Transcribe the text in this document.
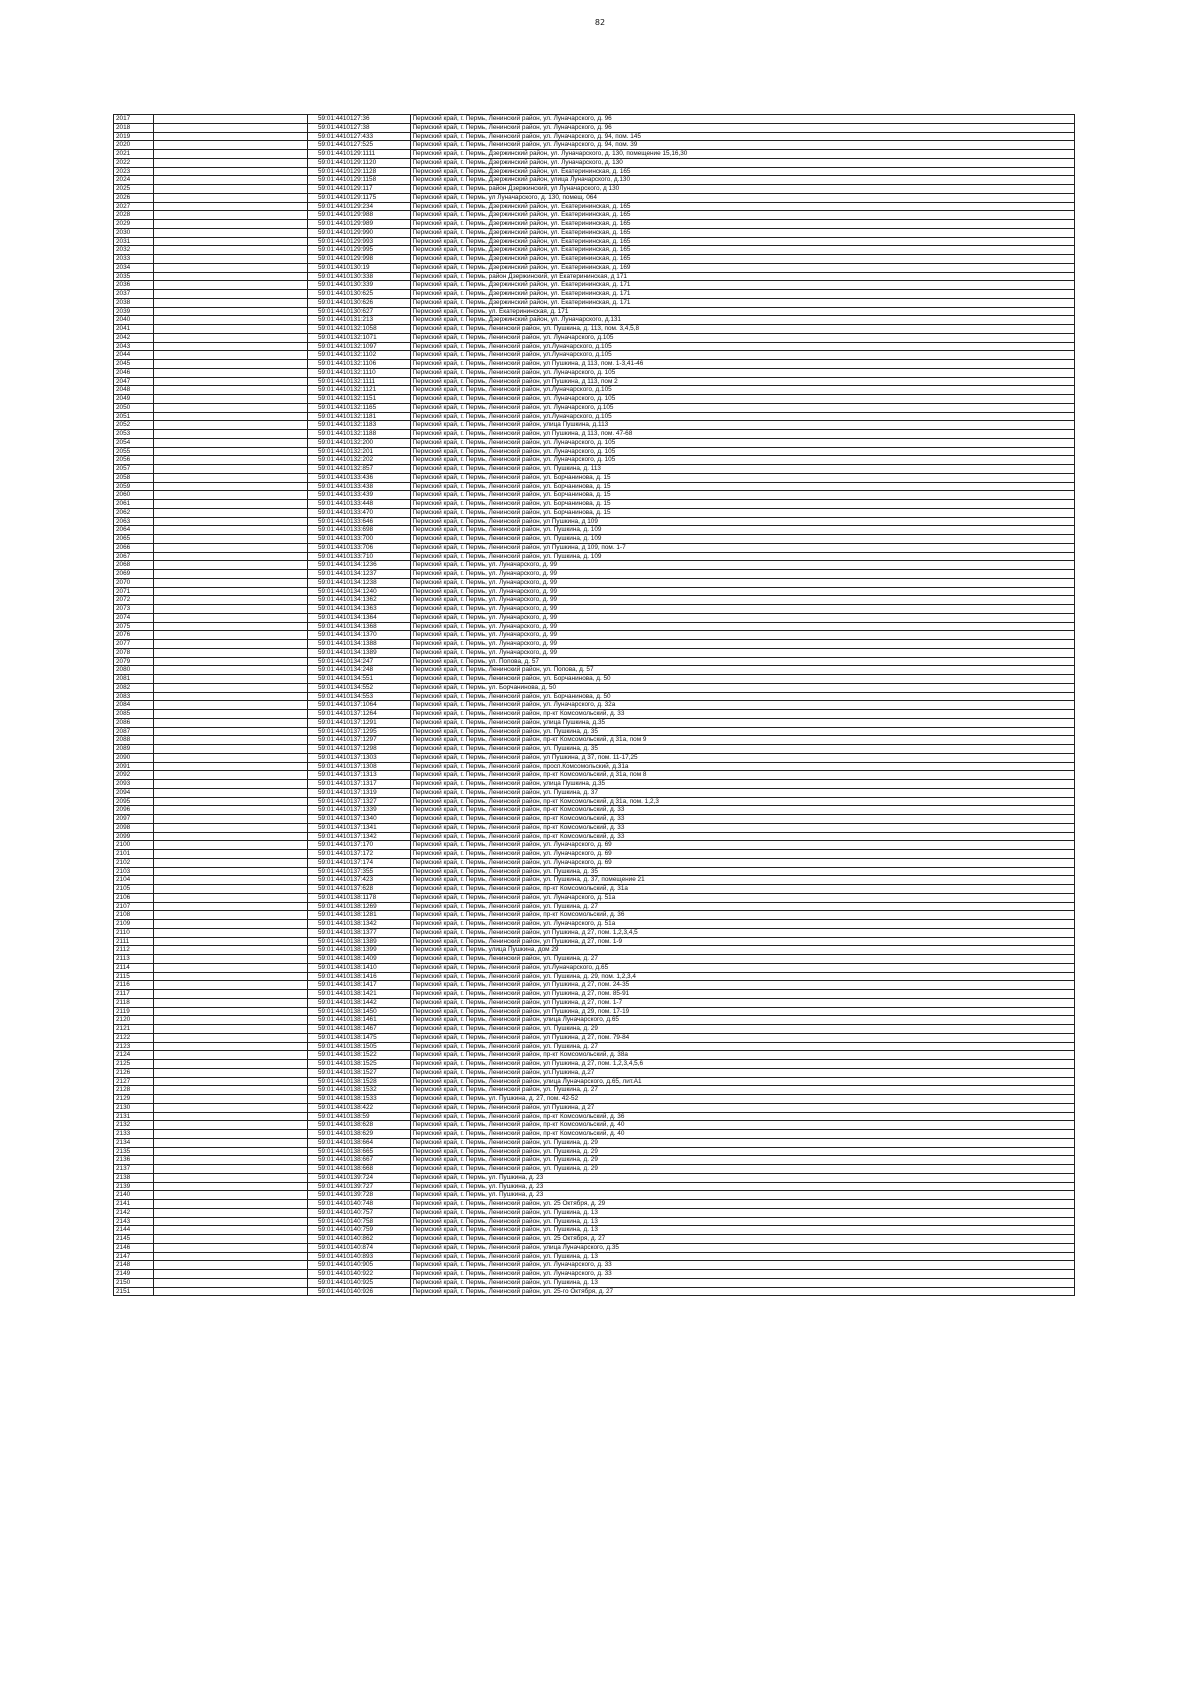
82
2017		59:01:4410127:36	Пермский край, г. Пермь, Ленинский район, ул. Луначарского, д. 96
2018		59:01:4410127:38	Пермский край, г. Пермь, Ленинский район, ул. Луначарского, д. 96
2019		59:01:4410127:433	Пермский край, г. Пермь, Ленинский район, ул. Луначарского, д. 94, пом. 145
2020		59:01:4410127:525	Пермский край, г. Пермь, Ленинский район, ул. Луначарского, д. 94, пом. 39
2021		59:01:4410129:1111	Пермский край, г. Пермь, Дзержинский район, ул. Луначарского, д. 130, помещение 15,16,30
2022		59:01:4410129:1120	Пермский край, г. Пермь, Дзержинский район, ул. Луначарского, д. 130
2023		59:01:4410129:1128	Пермский край, г. Пермь, Дзержинский район, ул. Екатерининская, д. 165
2024		59:01:4410129:1158	Пермский край, г. Пермь, Дзержинский район, улица Луначарского, д.130
2025		59:01:4410129:117	Пермский край, г. Пермь, район Дзержинский, ул Луначарского, д 130
2026		59:01:4410129:1175	Пермский край, г. Пермь, ул Луначарского, д. 130, помещ. 064
2027		59:01:4410129:234	Пермский край, г. Пермь, Дзержинский район, ул. Екатерининская, д. 165
2028		59:01:4410129:988	Пермский край, г. Пермь, Дзержинский район, ул. Екатерининская, д. 165
2029		59:01:4410129:989	Пермский край, г. Пермь, Дзержинский район, ул. Екатерининская, д. 165
2030		59:01:4410129:990	Пермский край, г. Пермь, Дзержинский район, ул. Екатерининская, д. 165
2031		59:01:4410129:993	Пермский край, г. Пермь, Дзержинский район, ул. Екатерининская, д. 165
2032		59:01:4410129:995	Пермский край, г. Пермь, Дзержинский район, ул. Екатерининская, д. 165
2033		59:01:4410129:998	Пермский край, г. Пермь, Дзержинский район, ул. Екатерининская, д. 165
2034		59:01:4410130:19	Пермский край, г. Пермь, Дзержинский район, ул. Екатерининская, д. 169
2035		59:01:4410130:338	Пермский край, г. Пермь, район Дзержинский, ул Екатерининская, д 171
2036		59:01:4410130:339	Пермский край, г. Пермь, Дзержинский район, ул. Екатерининская, д. 171
2037		59:01:4410130:625	Пермский край, г. Пермь, Дзержинский район, ул. Екатерининская, д. 171
2038		59:01:4410130:626	Пермский край, г. Пермь, Дзержинский район, ул. Екатерининская, д. 171
2039		59:01:4410130:627	Пермский край, г. Пермь, ул. Екатерининская, д. 171
2040		59:01:4410131:213	Пермский край, г. Пермь, Дзержинский район, ул. Луначарского, д.131
2041		59:01:4410132:1058	Пермский край, г. Пермь, Ленинский район, ул. Пушкина, д. 113, пом. 3,4,5,8
2042		59:01:4410132:1071	Пермский край, г. Пермь, Ленинский район, ул. Луначарского, д.105
2043		59:01:4410132:1097	Пермский край, г. Пермь, Ленинский район, ул.Луначарского, д.105
2044		59:01:4410132:1102	Пермский край, г. Пермь, Ленинский район, ул.Луначарского, д.105
2045		59:01:4410132:1106	Пермский край, г. Пермь, Ленинский район, ул Пушкина, д 113, пом. 1-3,41-46
2046		59:01:4410132:1110	Пермский край, г. Пермь, Ленинский район, ул. Луначарского, д. 105
2047		59:01:4410132:1111	Пермский край, г. Пермь, Ленинский район, ул Пушкина, д 113, пом 2
2048		59:01:4410132:1121	Пермский край, г. Пермь, Ленинский район, ул.Луначарского, д.105
2049		59:01:4410132:1151	Пермский край, г. Пермь, Ленинский район, ул. Луначарского, д. 105
2050		59:01:4410132:1165	Пермский край, г. Пермь, Ленинский район, ул. Луначарского, д.105
2051		59:01:4410132:1181	Пермский край, г. Пермь, Ленинский район, ул.Луначарского, д.105
2052		59:01:4410132:1183	Пермский край, г. Пермь, Ленинский район, улица Пушкина, д.113
2053		59:01:4410132:1188	Пермский край, г. Пермь, Ленинский район, ул Пушкина, д 113, пом. 47-68
2054		59:01:4410132:200	Пермский край, г. Пермь, Ленинский район, ул. Луначарского, д. 105
2055		59:01:4410132:201	Пермский край, г. Пермь, Ленинский район, ул. Луначарского, д. 105
2056		59:01:4410132:202	Пермский край, г. Пермь, Ленинский район, ул. Луначарского, д. 105
2057		59:01:4410132:857	Пермский край, г. Пермь, Ленинский район, ул. Пушкина, д. 113
2058		59:01:4410133:436	Пермский край, г. Пермь, Ленинский район, ул. Борчанинова, д. 15
2059		59:01:4410133:438	Пермский край, г. Пермь, Ленинский район, ул. Борчанинова, д. 15
2060		59:01:4410133:439	Пермский край, г. Пермь, Ленинский район, ул. Борчанинова, д. 15
2061		59:01:4410133:448	Пермский край, г. Пермь, Ленинский район, ул. Борчанинова, д. 15
2062		59:01:4410133:470	Пермский край, г. Пермь, Ленинский район, ул. Борчанинова, д. 15
2063		59:01:4410133:646	Пермский край, г. Пермь, Ленинский район, ул Пушкина, д 109
2064		59:01:4410133:698	Пермский край, г. Пермь, Ленинский район, ул. Пушкина, д. 109
2065		59:01:4410133:700	Пермский край, г. Пермь, Ленинский район, ул. Пушкина, д. 109
2066		59:01:4410133:706	Пермский край, г. Пермь, Ленинский район, ул Пушкина, д 109, пом. 1-7
2067		59:01:4410133:710	Пермский край, г. Пермь, Ленинский район, ул. Пушкина, д. 109
2068		59:01:4410134:1236	Пермский край, г. Пермь, ул. Луначарского, д. 99
2069		59:01:4410134:1237	Пермский край, г. Пермь, ул. Луначарского, д. 99
2070		59:01:4410134:1238	Пермский край, г. Пермь, ул. Луначарского, д. 99
2071		59:01:4410134:1240	Пермский край, г. Пермь, ул. Луначарского, д. 99
2072		59:01:4410134:1362	Пермский край, г. Пермь, ул. Луначарского, д. 99
2073		59:01:4410134:1363	Пермский край, г. Пермь, ул. Луначарского, д. 99
2074		59:01:4410134:1364	Пермский край, г. Пермь, ул. Луначарского, д. 99
2075		59:01:4410134:1368	Пермский край, г. Пермь, ул. Луначарского, д. 99
2076		59:01:4410134:1370	Пермский край, г. Пермь, ул. Луначарского, д. 99
2077		59:01:4410134:1388	Пермский край, г. Пермь, ул. Луначарского, д. 99
2078		59:01:4410134:1389	Пермский край, г. Пермь, ул. Луначарского, д. 99
2079		59:01:4410134:247	Пермский край, г. Пермь, ул. Попова, д. 57
2080		59:01:4410134:248	Пермский край, г. Пермь, Ленинский район, ул. Попова, д. 57
2081		59:01:4410134:551	Пермский край, г. Пермь, Ленинский район, ул. Борчанинова, д. 50
2082		59:01:4410134:552	Пермский край, г. Пермь, ул. Борчанинова, д. 50
2083		59:01:4410134:553	Пермский край, г. Пермь, Ленинский район, ул. Борчанинова, д. 50
2084		59:01:4410137:1064	Пермский край, г. Пермь, Ленинский район, ул. Луначарского, д. 32а
2085		59:01:4410137:1264	Пермский край, г. Пермь, Ленинский район, пр-кт Комсомольский, д. 33
2086		59:01:4410137:1291	Пермский край, г. Пермь, Ленинский район, улица Пушкина, д.35
2087		59:01:4410137:1295	Пермский край, г. Пермь, Ленинский район, ул. Пушкина, д. 35
2088		59:01:4410137:1297	Пермский край, г. Пермь, Ленинский район, пр-кт Комсомольский, д 31а, пом 9
2089		59:01:4410137:1298	Пермский край, г. Пермь, Ленинский район, ул. Пушкина, д. 35
2090		59:01:4410137:1303	Пермский край, г. Пермь, Ленинский район, ул Пушкина, д 37, пом. 11-17,25
2091		59:01:4410137:1308	Пермский край, г. Пермь, Ленинский район, просп.Комсомольский, д.31а
2092		59:01:4410137:1313	Пермский край, г. Пермь, Ленинский район, пр-кт Комсомольский, д 31а, пом 8
2093		59:01:4410137:1317	Пермский край, г. Пермь, Ленинский район, улица Пушкина, д.35
2094		59:01:4410137:1319	Пермский край, г. Пермь, Ленинский район, ул. Пушкина, д. 37
2095		59:01:4410137:1327	Пермский край, г. Пермь, Ленинский район, пр-кт Комсомольский, д 31а, пом. 1,2,3
2096		59:01:4410137:1339	Пермский край, г. Пермь, Ленинский район, пр-кт Комсомольский, д. 33
2097		59:01:4410137:1340	Пермский край, г. Пермь, Ленинский район, пр-кт Комсомольский, д. 33
2098		59:01:4410137:1341	Пермский край, г. Пермь, Ленинский район, пр-кт Комсомольский, д. 33
2099		59:01:4410137:1342	Пермский край, г. Пермь, Ленинский район, пр-кт Комсомольский, д. 33
2100		59:01:4410137:170	Пермский край, г. Пермь, Ленинский район, ул. Луначарского, д. 69
2101		59:01:4410137:172	Пермский край, г. Пермь, Ленинский район, ул. Луначарского, д. 69
2102		59:01:4410137:174	Пермский край, г. Пермь, Ленинский район, ул. Луначарского, д. 69
2103		59:01:4410137:355	Пермский край, г. Пермь, Ленинский район, ул. Пушкина, д. 35
2104		59:01:4410137:423	Пермский край, г. Пермь, Ленинский район, ул. Пушкина, д. 37, помещение 21
2105		59:01:4410137:628	Пермский край, г. Пермь, Ленинский район, пр-кт Комсомольский, д. 31а
2106		59:01:4410138:1178	Пермский край, г. Пермь, Ленинский район, ул. Луначарского, д. 51а
2107		59:01:4410138:1269	Пермский край, г. Пермь, Ленинский район, ул. Пушкина, д. 27
2108		59:01:4410138:1281	Пермский край, г. Пермь, Ленинский район, пр-кт Комсомольский, д. 36
2109		59:01:4410138:1342	Пермский край, г. Пермь, Ленинский район, ул. Луначарского, д. 51а
2110		59:01:4410138:1377	Пермский край, г. Пермь, Ленинский район, ул Пушкина, д 27, пом. 1,2,3,4,5
2111		59:01:4410138:1389	Пермский край, г. Пермь, Ленинский район, ул Пушкина, д 27, пом. 1-9
2112		59:01:4410138:1399	Пермский край, г. Пермь, улица Пушкина, дом 29
2113		59:01:4410138:1409	Пермский край, г. Пермь, Ленинский район, ул. Пушкина, д. 27
2114		59:01:4410138:1410	Пермский край, г. Пермь, Ленинский район, ул.Луначарского, д.65
2115		59:01:4410138:1416	Пермский край, г. Пермь, Ленинский район, ул. Пушкина, д. 29, пом. 1,2,3,4
2116		59:01:4410138:1417	Пермский край, г. Пермь, Ленинский район, ул Пушкина, д 27, пом. 24-35
2117		59:01:4410138:1421	Пермский край, г. Пермь, Ленинский район, ул Пушкина, д 27, пом. 85-91
2118		59:01:4410138:1442	Пермский край, г. Пермь, Ленинский район, ул Пушкина, д 27, пом. 1-7
2119		59:01:4410138:1450	Пермский край, г. Пермь, Ленинский район, ул Пушкина, д 29, пом. 17-19
2120		59:01:4410138:1461	Пермский край, г. Пермь, Ленинский район, улица Луначарского, д.65
2121		59:01:4410138:1467	Пермский край, г. Пермь, Ленинский район, ул. Пушкина, д. 29
2122		59:01:4410138:1475	Пермский край, г. Пермь, Ленинский район, ул Пушкина, д 27, пом. 79-84
2123		59:01:4410138:1505	Пермский край, г. Пермь, Ленинский район, ул. Пушкина, д. 27
2124		59:01:4410138:1522	Пермский край, г. Пермь, Ленинский район, пр-кт Комсомольский, д. 38а
2125		59:01:4410138:1525	Пермский край, г. Пермь, Ленинский район, ул Пушкина, д 27, пом. 1,2,3,4,5,6
2126		59:01:4410138:1527	Пермский край, г. Пермь, Ленинский район, ул.Пушкина, д.27
2127		59:01:4410138:1528	Пермский край, г. Пермь, Ленинский район, улица Луначарского, д.65, лит.А1
2128		59:01:4410138:1532	Пермский край, г. Пермь, Ленинский район, ул. Пушкина, д. 27
2129		59:01:4410138:1533	Пермский край, г. Пермь, ул. Пушкина, д. 27, пом. 42-52
2130		59:01:4410138:422	Пермский край, г. Пермь, Ленинский район, ул Пушкина, д 27
2131		59:01:4410138:59	Пермский край, г. Пермь, Ленинский район, пр-кт Комсомольский, д. 36
2132		59:01:4410138:628	Пермский край, г. Пермь, Ленинский район, пр-кт Комсомольский, д. 40
2133		59:01:4410138:629	Пермский край, г. Пермь, Ленинский район, пр-кт Комсомольский, д. 40
2134		59:01:4410138:664	Пермский край, г. Пермь, Ленинский район, ул. Пушкина, д. 29
2135		59:01:4410138:665	Пермский край, г. Пермь, Ленинский район, ул. Пушкина, д. 29
2136		59:01:4410138:667	Пермский край, г. Пермь, Ленинский район, ул. Пушкина, д. 29
2137		59:01:4410138:668	Пермский край, г. Пермь, Ленинский район, ул. Пушкина, д. 29
2138		59:01:4410139:724	Пермский край, г. Пермь, ул. Пушкина, д. 23
2139		59:01:4410139:727	Пермский край, г. Пермь, ул. Пушкина, д. 23
2140		59:01:4410139:728	Пермский край, г. Пермь, ул. Пушкина, д. 23
2141		59:01:4410140:748	Пермский край, г. Пермь, Ленинский район, ул. 25 Октября, д. 29
2142		59:01:4410140:757	Пермский край, г. Пермь, Ленинский район, ул. Пушкина, д. 13
2143		59:01:4410140:758	Пермский край, г. Пермь, Ленинский район, ул. Пушкина, д. 13
2144		59:01:4410140:759	Пермский край, г. Пермь, Ленинский район, ул. Пушкина, д. 13
2145		59:01:4410140:862	Пермский край, г. Пермь, Ленинский район, ул. 25 Октября, д. 27
2146		59:01:4410140:874	Пермский край, г. Пермь, Ленинский район, улица Луначарского, д.35
2147		59:01:4410140:893	Пермский край, г. Пермь, Ленинский район, ул. Пушкина, д. 13
2148		59:01:4410140:905	Пермский край, г. Пермь, Ленинский район, ул. Луначарского, д. 33
2149		59:01:4410140:922	Пермский край, г. Пермь, Ленинский район, ул. Луначарского, д. 33
2150		59:01:4410140:925	Пермский край, г. Пермь, Ленинский район, ул. Пушкина, д. 13
2151		59:01:4410140:926	Пермский край, г. Пермь, Ленинский район, ул. 25-го Октября, д. 27
